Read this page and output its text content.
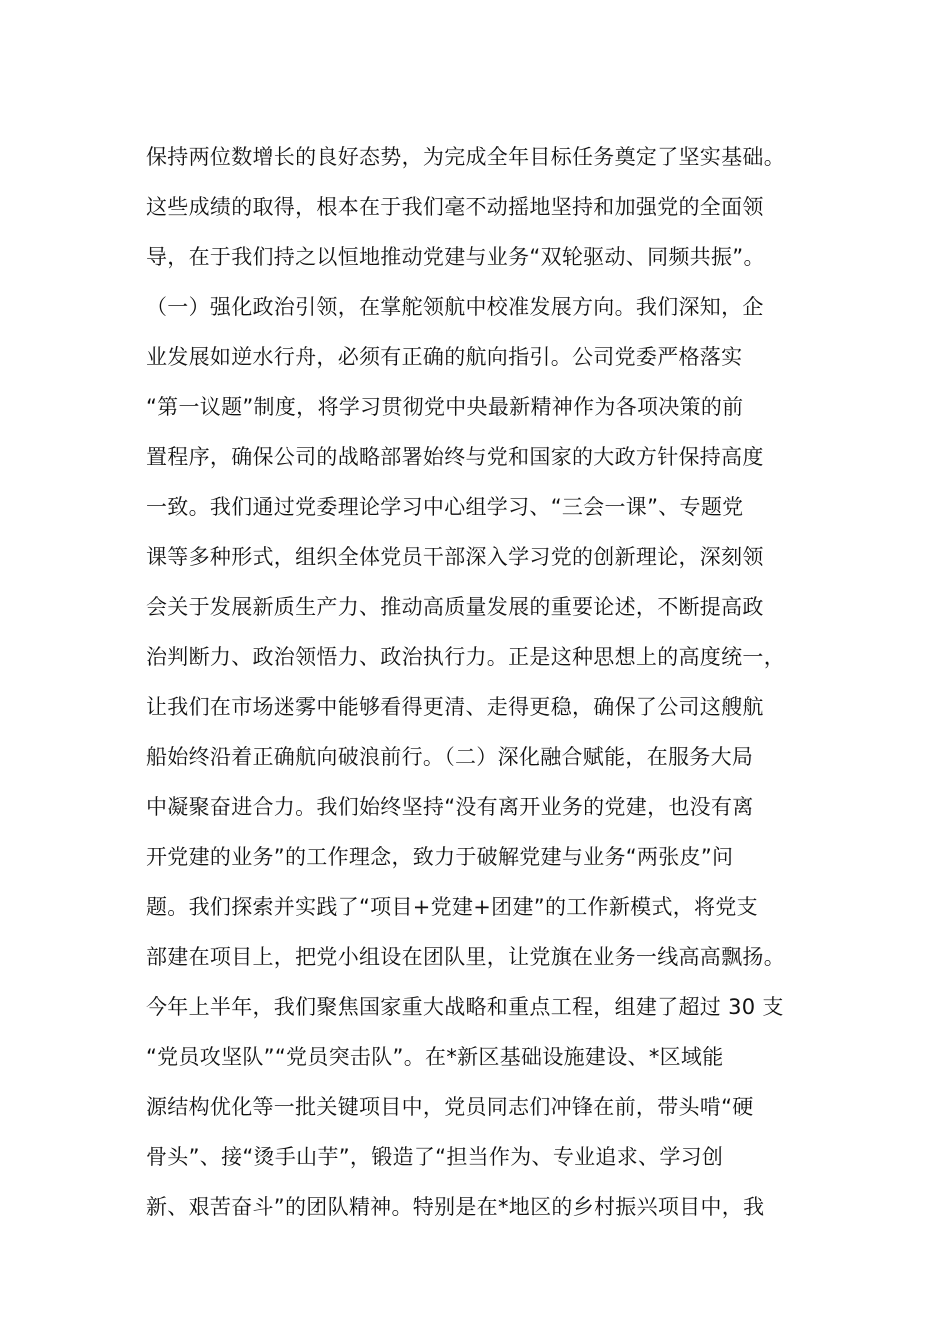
保持两位数增长的良好态势，为完成全年目标任务奠定了坚实基础。
这些成绩的取得，根本在于我们毫不动摇地坚持和加强党的全面领
导，在于我们持之以恒地推动党建与业务“双轮驱动、同频共振”。
（一）强化政治引领，在掌舵领航中校准发展方向。我们深知，企
业发展如逆水行舟，必须有正确的航向指引。公司党委严格落实
“第一议题”制度，将学习贯彻党中央最新精神作为各项决策的前
置程序，确保公司的战略部署始终与党和国家的大政方针保持高度
一致。我们通过党委理论学习中心组学习、“三会一课”、专题党
课等多种形式，组织全体党员干部深入学习党的创新理论，深刻领
会关于发展新质生产力、推动高质量发展的重要论述，不断提高政
治判断力、政治领悟力、政治执行力。正是这种思想上的高度统一，
让我们在市场迷雾中能够看得更清、走得更稳，确保了公司这艘航
船始终沿着正确航向破浪前行。（二）深化融合赋能，在服务大局
中凝聚奋进合力。我们始终坚持“没有离开业务的党建，也没有离
开党建的业务”的工作理念，致力于破解党建与业务“两张皮”问
题。我们探索并实践了“项目+党建+团建”的工作新模式，将党支
部建在项目上，把党小组设在团队里，让党旗在业务一线高高飘扬。
今年上半年，我们聚焦国家重大战略和重点工程，组建了超过 30 支
“党员攻坚队”“党员突击队”。在*新区基础设施建设、*区域能
源结构优化等一批关键项目中，党员同志们冲锋在前，带头啃“硬
骨头”、接“烫手山芋”，锻造了“担当作为、专业追求、学习创
新、艰苦奋斗”的团队精神。特别是在*地区的乡村振兴项目中，我
